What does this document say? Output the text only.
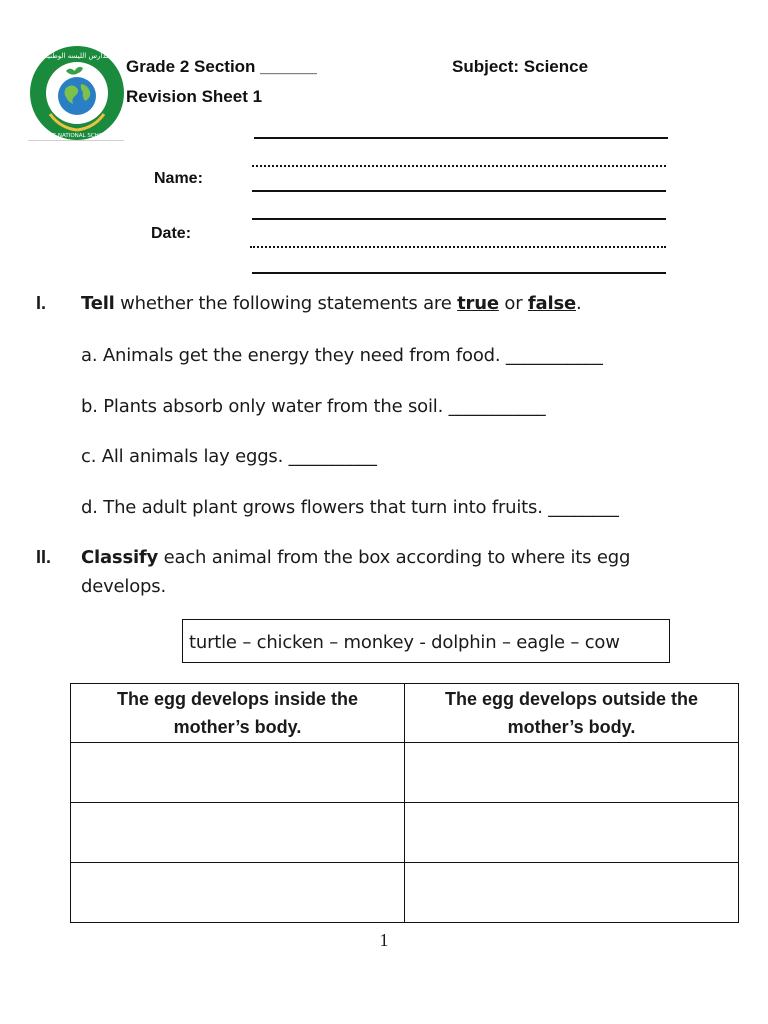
مدارس الليسه الوطنية
LYCEE NATIONAL SCHOOLS
Grade 2 Section ______	Subject: Science
Revision Sheet 1
Name:
Date:
I. Tell whether the following statements are true or false.
a. Animals get the energy they need from food. ___________
b. Plants absorb only water from the soil. ___________
c. All animals lay eggs. __________
d. The adult plant grows flowers that turn into fruits. ________
II. Classify each animal from the box according to where its egg
develops.
turtle – chicken – monkey - dolphin – eagle – cow
The egg develops inside the mother’s body.	The egg develops outside the mother’s body.

1
